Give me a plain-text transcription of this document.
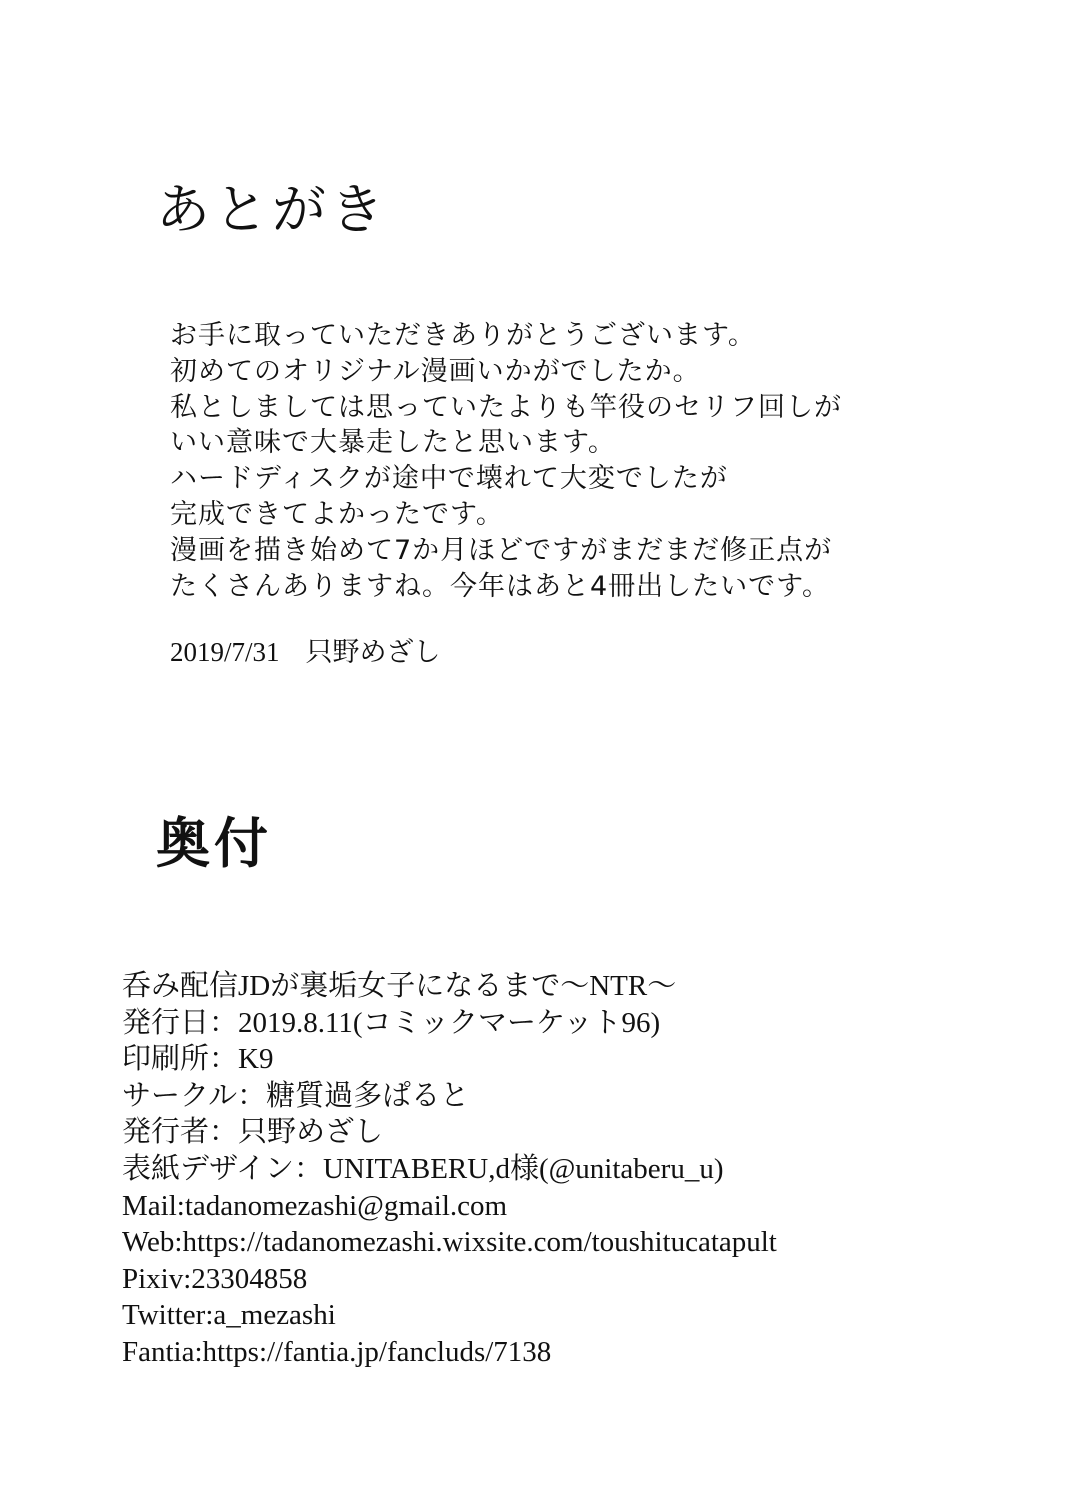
あとがき
お手に取っていただきありがとうございます。
初めてのオリジナル漫画いかがでしたか。
私としましては思っていたよりも竿役のセリフ回しが
いい意味で大暴走したと思います。
ハードディスクが途中で壊れて大変でしたが
完成できてよかったです。
漫画を描き始めて7か月ほどですがまだまだ修正点が
たくさんありますね。今年はあと4冊出したいです。
2019/7/31 只野めざし
奥付
呑み配信JDが裏垢女子になるまで〜NTR〜
発行日：2019.8.11(コミックマーケット96)
印刷所：K9
サークル：糖質過多ぱると
発行者：只野めざし
表紙デザイン：UNITABERU,d様(@unitaberu_u)
Mail:tadanomezashi@gmail.com
Web:https://tadanomezashi.wixsite.com/toushitucatapult
Pixiv:23304858
Twitter:a_mezashi
Fantia:https://fantia.jp/fancluds/7138
